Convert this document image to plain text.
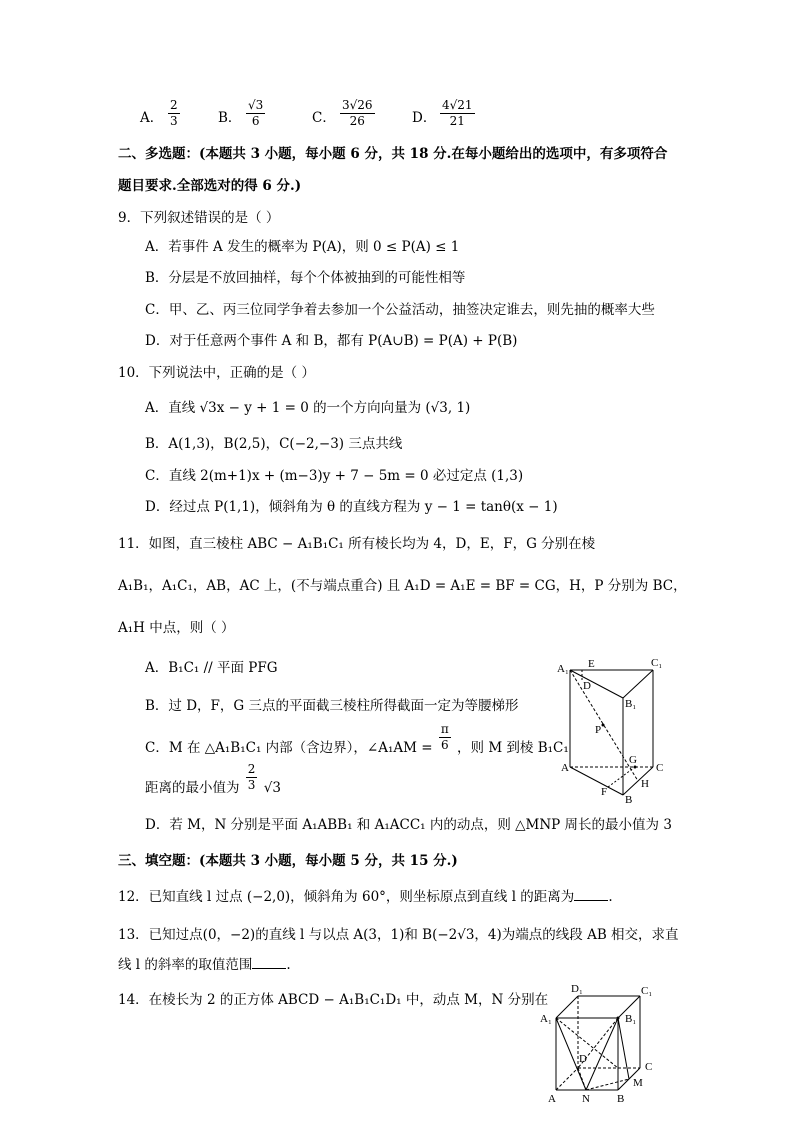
A． $\frac{2}{3}$	B． $\frac{√3}{6}$	C． $\frac{3√26}{26}$	D． $\frac{4√21}{21}$
二、多选题：(本题共 3 小题，每小题 6 分，共 18 分.在每小题给出的选项中，有多项符合
题目要求.全部选对的得 6 分.)
9．下列叙述错误的是（ ）
A．若事件 A 发生的概率为 P(A)，则 0 ≤ P(A) ≤ 1
B．分层是不放回抽样，每个个体被抽到的可能性相等
C．甲、乙、丙三位同学争着去参加一个公益活动，抽签决定谁去，则先抽的概率大些
D．对于任意两个事件 A 和 B，都有 P(A∪B) = P(A) + P(B)
10．下列说法中，正确的是（ ）
A．直线 √3x − y + 1 = 0 的一个方向向量为 (√3, 1)
B．A(1,3)，B(2,5)，C(−2,−3) 三点共线
C．直线 2(m+1)x + (m−3)y + 7 − 5m = 0 必过定点 (1,3)
D．经过点 P(1,1)，倾斜角为 θ 的直线方程为 y − 1 = tanθ(x − 1)
11．如图，直三棱柱 ABC − A₁B₁C₁ 所有棱长均为 4，D，E，F，G 分别在棱
A₁B₁，A₁C₁，AB，AC 上，(不与端点重合) 且 A₁D = A₁E = BF = CG，H，P 分别为 BC，
A₁H 中点，则（ ）
A．B₁C₁ // 平面 PFG
B．过 D，F，G 三点的平面截三棱柱所得截面一定为等腰梯形
C．M 在 △A₁B₁C₁ 内部（含边界），∠A₁AM = $\frac{\pi}{6}$ ，则 M 到棱 B₁C₁
距离的最小值为 $\frac{2}{3} √3$
D．若 M，N 分别是平面 A₁ABB₁ 和 A₁ACC₁ 内的动点，则 △MNP 周长的最小值为 3
A₁ E	C₁
D
B₁
P
G
A	C
H
F
B
三、填空题：(本题共 3 小题，每小题 5 分，共 15 分.)
12．已知直线 l 过点 (−2,0)，倾斜角为 60°，则坐标原点到直线 l 的距离为	.
13．已知过点(0，−2)的直线 l 与以点 A(3，1)和 B(−2√3，4)为端点的线段 AB 相交，求直
线 l 的斜率的取值范围	.
14．在棱长为 2 的正方体 ABCD − A₁B₁C₁D₁ 中，动点 M，N 分别在
D₁	C₁
A₁	B₁
D
C
M
A N B
